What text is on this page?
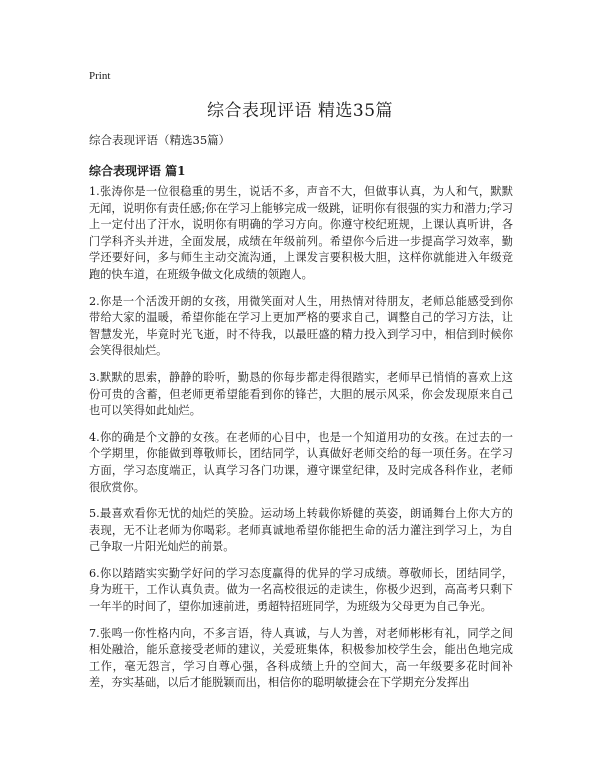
Print
综合表现评语 精选35篇

综合表现评语（精选35篇）

综合表现评语 篇1

1.张涛你是一位很稳重的男生，说话不多，声音不大，但做事认真，为人和气，默默无闻，说明你有责任感;你在学习上能够完成一级跳，证明你有很强的实力和潜力;学习上一定付出了汗水，说明你有明确的学习方向。你遵守校纪班规，上课认真听讲，各门学科齐头并进，全面发展，成绩在年级前列。希望你今后进一步提高学习效率，勤学还要好问，多与师生主动交流沟通，上课发言要积极大胆，这样你就能进入年级竞跑的快车道，在班级争做文化成绩的领跑人。

2.你是一个活泼开朗的女孩，用微笑面对人生，用热情对待朋友，老师总能感受到你带给大家的温暖，希望你能在学习上更加严格的要求自己，调整自己的学习方法，让智慧发光，毕竟时光飞逝，时不待我，以最旺盛的精力投入到学习中，相信到时候你会笑得很灿烂。

3.默默的思索，静静的聆听，勤恳的你每步都走得很踏实，老师早已悄悄的喜欢上这份可贵的含蓄，但老师更希望能看到你的锋芒，大胆的展示风采，你会发现原来自己也可以笑得如此灿烂。

4.你的确是个文静的女孩。在老师的心目中，也是一个知道用功的女孩。在过去的一个学期里，你能做到尊敬师长，团结同学，认真做好老师交给的每一项任务。在学习方面，学习态度端正，认真学习各门功课，遵守课堂纪律，及时完成各科作业，老师很欣赏你。

5.最喜欢看你无忧的灿烂的笑脸。运动场上转载你矫健的英姿，朗诵舞台上你大方的表现，无不让老师为你喝彩。老师真诚地希望你能把生命的活力灌注到学习上，为自己争取一片阳光灿烂的前景。

6.你以踏踏实实勤学好问的学习态度赢得的优异的学习成绩。尊敬师长，团结同学，身为班干，工作认真负责。做为一名高校很远的走读生，你极少迟到，高高考只剩下一年半的时间了，望你加速前进，勇超特招班同学，为班级为父母更为自己争光。

7.张鸣一你性格内向，不多言语，待人真诚，与人为善，对老师彬彬有礼，同学之间相处融洽，能乐意接受老师的建议，关爱班集体，积极参加校学生会，能出色地完成工作，毫无怨言，学习自尊心强，各科成绩上升的空间大，高一年级要多花时间补差，夯实基础，以后才能脱颖而出，相信你的聪明敏捷会在下学期充分发挥出
